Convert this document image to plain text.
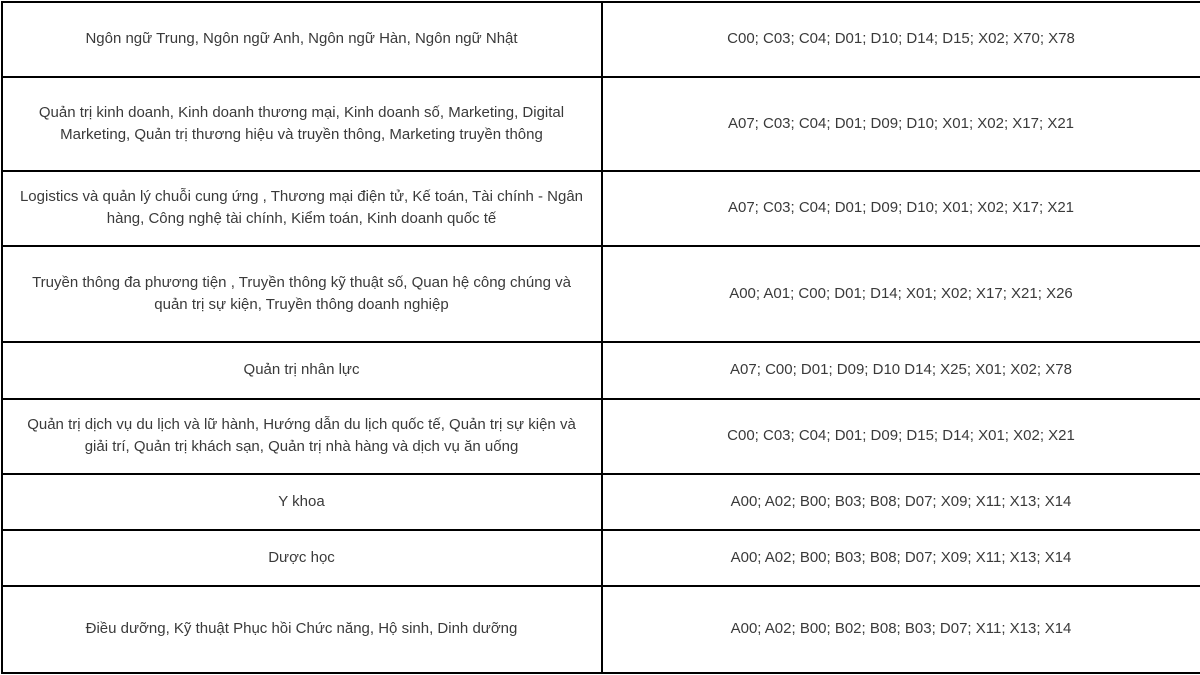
Ngôn ngữ Trung, Ngôn ngữ Anh, Ngôn ngữ Hàn, Ngôn ngữ Nhật	C00; C03; C04; D01; D10; D14; D15; X02; X70; X78
Quản trị kinh doanh, Kinh doanh thương mại, Kinh doanh số, Marketing, Digital Marketing, Quản trị thương hiệu và truyền thông, Marketing truyền thông	A07; C03; C04; D01; D09; D10; X01; X02; X17; X21
Logistics và quản lý chuỗi cung ứng , Thương mại điện tử, Kế toán, Tài chính - Ngân hàng, Công nghệ tài chính, Kiểm toán, Kinh doanh quốc tế	A07; C03; C04; D01; D09; D10; X01; X02; X17; X21
Truyền thông đa phương tiện , Truyền thông kỹ thuật số, Quan hệ công chúng và quản trị sự kiện, Truyền thông doanh nghiệp	A00; A01; C00; D01; D14; X01; X02; X17; X21; X26
Quản trị nhân lực	A07; C00; D01; D09; D10 D14; X25; X01; X02; X78
Quản trị dịch vụ du lịch và lữ hành, Hướng dẫn du lịch quốc tế, Quản trị sự kiện và giải trí, Quản trị khách sạn, Quản trị nhà hàng và dịch vụ ăn uống	C00; C03; C04; D01; D09; D15; D14; X01; X02; X21
Y khoa	A00; A02; B00; B03; B08; D07; X09; X11; X13; X14
Dược học	A00; A02; B00; B03; B08; D07; X09; X11; X13; X14
Điều dưỡng, Kỹ thuật Phục hồi Chức năng, Hộ sinh, Dinh dưỡng	A00; A02; B00; B02; B08; B03; D07; X11; X13; X14
